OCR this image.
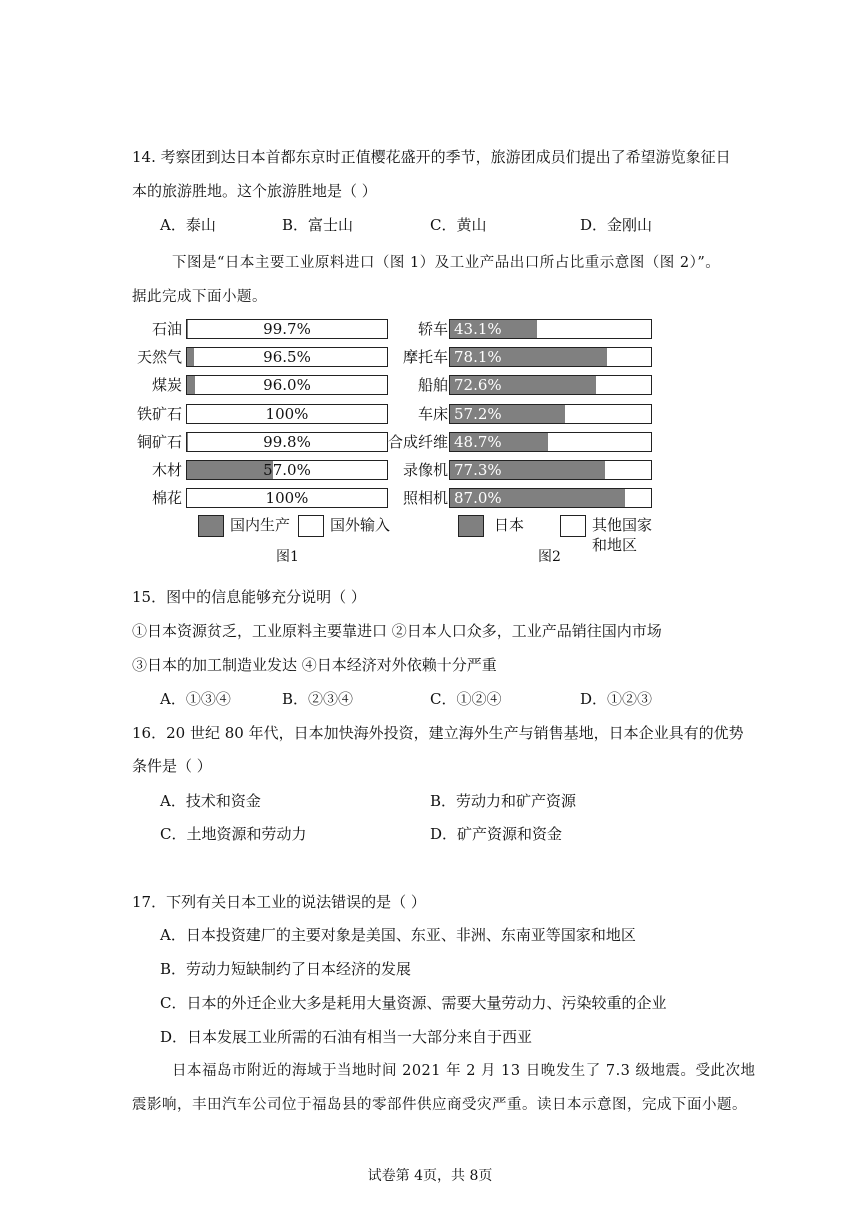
14. 考察团到达日本首都东京时正值樱花盛开的季节，旅游团成员们提出了希望游览象征日
本的旅游胜地。这个旅游胜地是（ ）
A．泰山	B．富士山	C．黄山	D．金刚山
下图是“日本主要工业原料进口（图 1）及工业产品出口所占比重示意图（图 2）”。
据此完成下面小题。
石油	99.7%
天然气	96.5%
煤炭	96.0%
铁矿石	100%
铜矿石	99.8%
木材	57.0%
棉花	100%
国内生产	国外输入
图1
轿车 43.1%
摩托车 78.1%
船舶 72.6%
车床 57.2%
合成纤维 48.7%
录像机 77.3%
照相机 87.0%
日本	其他国家
和地区
图2
15．图中的信息能够充分说明（ ）
①日本资源贫乏，工业原料主要靠进口 ②日本人口众多，工业产品销往国内市场
③日本的加工制造业发达 ④日本经济对外依赖十分严重
A．①③④	B．②③④	C．①②④	D．①②③
16．20 世纪 80 年代，日本加快海外投资，建立海外生产与销售基地，日本企业具有的优势
条件是（ ）
A．技术和资金	B．劳动力和矿产资源
C．土地资源和劳动力	D．矿产资源和资金
17．下列有关日本工业的说法错误的是（ ）
A．日本投资建厂的主要对象是美国、东亚、非洲、东南亚等国家和地区
B．劳动力短缺制约了日本经济的发展
C．日本的外迁企业大多是耗用大量资源、需要大量劳动力、污染较重的企业
D．日本发展工业所需的石油有相当一大部分来自于西亚
日本福岛市附近的海域于当地时间 2021 年 2 月 13 日晚发生了 7.3 级地震。受此次地
震影响，丰田汽车公司位于福岛县的零部件供应商受灾严重。读日本示意图，完成下面小题。
试卷第 4页，共 8页
